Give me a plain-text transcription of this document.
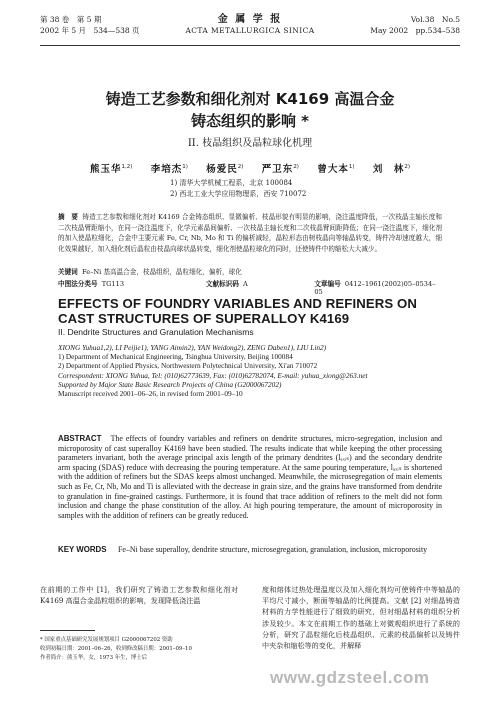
第 38 卷　第 5 期
2002 年 5 月　534—538 页
金 属 学 报
ACTA METALLURGICA SINICA
Vol.38　No.5
May 2002　pp.534–538
铸造工艺参数和细化剂对 K4169 高温合金
铸态组织的影响 *
II. 枝晶组织及晶粒球化机理
熊玉华$^{1,2)}$ 李培杰$^{1)}$ 杨爱民$^{2)}$ 严卫东$^{2)}$ 曾大本$^{1)}$ 刘　林$^{2)}$
1) 清华大学机械工程系，北京 100084
2) 西北工业大学应用物理系，西安 710072
摘　要 铸造工艺参数和细化剂对 K4169 合金铸态组织、显微偏析、枝晶形貌有明显的影响，浇注温度降低，一次枝晶主轴长度和二次枝晶臂距缩小，在同一浇注温度下，化学元素晶间偏析、一次枝晶主轴长度和二次枝晶臂间距降低；在同一浇注温度下，细化剂的加入使晶粒细化，合金中主要元素 Fe, Cr, Nb, Mo 和 Ti 的偏析减轻，晶粒形态由树枝晶向等轴晶转变，铸件冷却速度越大，细化效果越好，加入细化剂后晶粒由枝晶向球状晶转变，细化剂使晶粒球化的同时，还使铸件中的缩松大大减少。
关键词 Fe–Ni 基高温合金，枝晶组织，晶粒细化，偏析，球化
中图法分类号 TG113	文献标识码 A	文章编号 0412–1961(2002)05–0534–05
EFFECTS OF FOUNDRY VARIABLES AND REFINERS ON CAST STRUCTURES OF SUPERALLOY K4169
II. Dendrite Structures and Granulation Mechanisms
XIONG Yuhua1,2), LI Peijie1), YANG Aimin2), YAN Weidong2), ZENG Daben1), LIU Lin2)
1) Department of Mechanical Engineering, Tsinghua University, Beijing 100084
2) Department of Applied Physics, Northwestern Polytechnical University, Xi'an 710072
Correspondent: XIONG Yuhua, Tel: (010)62773639, Fax: (010)62782074, E-mail: yuhua_xiong@263.net
Supported by Major State Basic Research Projects of China (G2000067202)
Manuscript received 2001–06–26, in revised form 2001–09–10
ABSTRACT The effects of foundry variables and refiners on dendrite structures, micro-segregation, inclusion and microporosity of cast superalloy K4169 have been studied. The results indicate that while keeping the other processing parameters invariant, both the average principal axis length of the primary dendrites (lₐₓᵢₛ) and the secondary dendrite arm spacing (SDAS) reduce with decreasing the pouring temperature. At the same pouring temperature, lₐₓᵢₛ is shortened with the addition of refiners but the SDAS keeps almost unchanged. Meanwhile, the microsegregation of main elements such as Fe, Cr, Nb, Mo and Ti is alleviated with the decrease in grain size, and the grains have transformed from dendrite to granulation in fine-grained castings. Furthermore, it is found that trace addition of refiners to the melt did not form inclusion and change the phase constitution of the alloy. At high pouring temperature, the amount of microporosity in samples with the addition of refiners can be greatly reduced.
KEY WORDS	Fe–Ni base superalloy, dendrite structure, microsegregation, granulation, inclusion, microporosity
在前期的工作中 [1]，我们研究了铸造工艺参数和细化剂对 K4169 高温合金晶粒组织的影响，发现降低浇注温
度和熔体过热处理温度以及加入细化剂均可使铸件中等轴晶的平均尺寸减小，断面等轴晶的比例提高。文献 [2] 对细晶铸造材料的力学性能进行了细致的研究，但对细晶材料的组织分析涉及较少。本文在前期工作的基础上对微观组织进行了系统的分析，研究了晶粒细化后枝晶组织、元素的枝晶偏析以及铸件中夹杂和缩松等的变化，并解释
* 国家重点基础研究发展规划项目 G2000067202 资助
收到初稿日期：2001–06–26，收到修改稿日期：2001–09–10
作者简介：熊玉华，女，1973 年生，博士后
www.gdzsteel.com
